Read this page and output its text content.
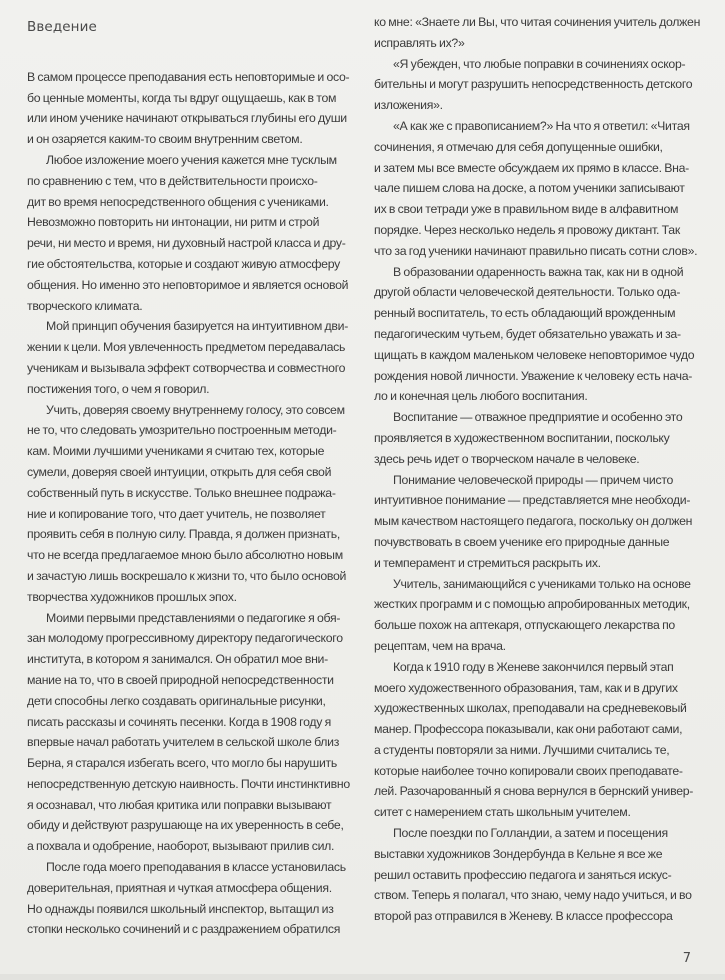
Введение
В самом процессе преподавания есть неповторимые и осо-
бо ценные моменты, когда ты вдруг ощущаешь, как в том
или ином ученике начинают открываться глубины его души
и он озаряется каким-то своим внутренним светом.
Любое изложение моего учения кажется мне тусклым
по сравнению с тем, что в действительности происхо-
дит во время непосредственного общения с учениками.
Невозможно повторить ни интонации, ни ритм и строй
речи, ни место и время, ни духовный настрой класса и дру-
гие обстоятельства, которые и создают живую атмосферу
общения. Но именно это неповторимое и является основой
творческого климата.
Мой принцип обучения базируется на интуитивном дви-
жении к цели. Моя увлеченность предметом передавалась
ученикам и вызывала эффект сотворчества и совместного
постижения того, о чем я говорил.
Учить, доверяя своему внутреннему голосу, это совсем
не то, что следовать умозрительно построенным методи-
кам. Моими лучшими учениками я считаю тех, которые
сумели, доверяя своей интуиции, открыть для себя свой
собственный путь в искусстве. Только внешнее подража-
ние и копирование того, что дает учитель, не позволяет
проявить себя в полную силу. Правда, я должен признать,
что не всегда предлагаемое мною было абсолютно новым
и зачастую лишь воскрешало к жизни то, что было основой
творчества художников прошлых эпох.
Моими первыми представлениями о педагогике я обя-
зан молодому прогрессивному директору педагогического
института, в котором я занимался. Он обратил мое вни-
мание на то, что в своей природной непосредственности
дети способны легко создавать оригинальные рисунки,
писать рассказы и сочинять песенки. Когда в 1908 году я
впервые начал работать учителем в сельской школе близ
Берна, я старался избегать всего, что могло бы нарушить
непосредственную детскую наивность. Почти инстинктивно
я осознавал, что любая критика или поправки вызывают
обиду и действуют разрушающе на их уверенность в себе,
а похвала и одобрение, наоборот, вызывают прилив сил.
После года моего преподавания в классе установилась
доверительная, приятная и чуткая атмосфера общения.
Но однажды появился школьный инспектор, вытащил из
стопки несколько сочинений и с раздражением обратился
ко мне: «Знаете ли Вы, что читая сочинения учитель должен
исправлять их?»
«Я убежден, что любые поправки в сочинениях оскор-
бительны и могут разрушить непосредственность детского
изложения».
«А как же с правописанием?» На что я ответил: «Читая
сочинения, я отмечаю для себя допущенные ошибки,
и затем мы все вместе обсуждаем их прямо в классе. Вна-
чале пишем слова на доске, а потом ученики записывают
их в свои тетради уже в правильном виде в алфавитном
порядке. Через несколько недель я провожу диктант. Так
что за год ученики начинают правильно писать сотни слов».
В образовании одаренность важна так, как ни в одной
другой области человеческой деятельности. Только ода-
ренный воспитатель, то есть обладающий врожденным
педагогическим чутьем, будет обязательно уважать и за-
щищать в каждом маленьком человеке неповторимое чудо
рождения новой личности. Уважение к человеку есть нача-
ло и конечная цель любого воспитания.
Воспитание — отважное предприятие и особенно это
проявляется в художественном воспитании, поскольку
здесь речь идет о творческом начале в человеке.
Понимание человеческой природы — причем чисто
интуитивное понимание — представляется мне необходи-
мым качеством настоящего педагога, поскольку он должен
почувствовать в своем ученике его природные данные
и темперамент и стремиться раскрыть их.
Учитель, занимающийся с учениками только на основе
жестких программ и с помощью апробированных методик,
больше похож на аптекаря, отпускающего лекарства по
рецептам, чем на врача.
Когда к 1910 году в Женеве закончился первый этап
моего художественного образования, там, как и в других
художественных школах, преподавали на средневековый
манер. Профессора показывали, как они работают сами,
а студенты повторяли за ними. Лучшими считались те,
которые наиболее точно копировали своих преподавате-
лей. Разочарованный я снова вернулся в бернский универ-
ситет с намерением стать школьным учителем.
После поездки по Голландии, а затем и посещения
выставки художников Зондербунда в Кельне я все же
решил оставить профессию педагога и заняться искус-
ством. Теперь я полагал, что знаю, чему надо учиться, и во
второй раз отправился в Женеву. В классе профессора
7
